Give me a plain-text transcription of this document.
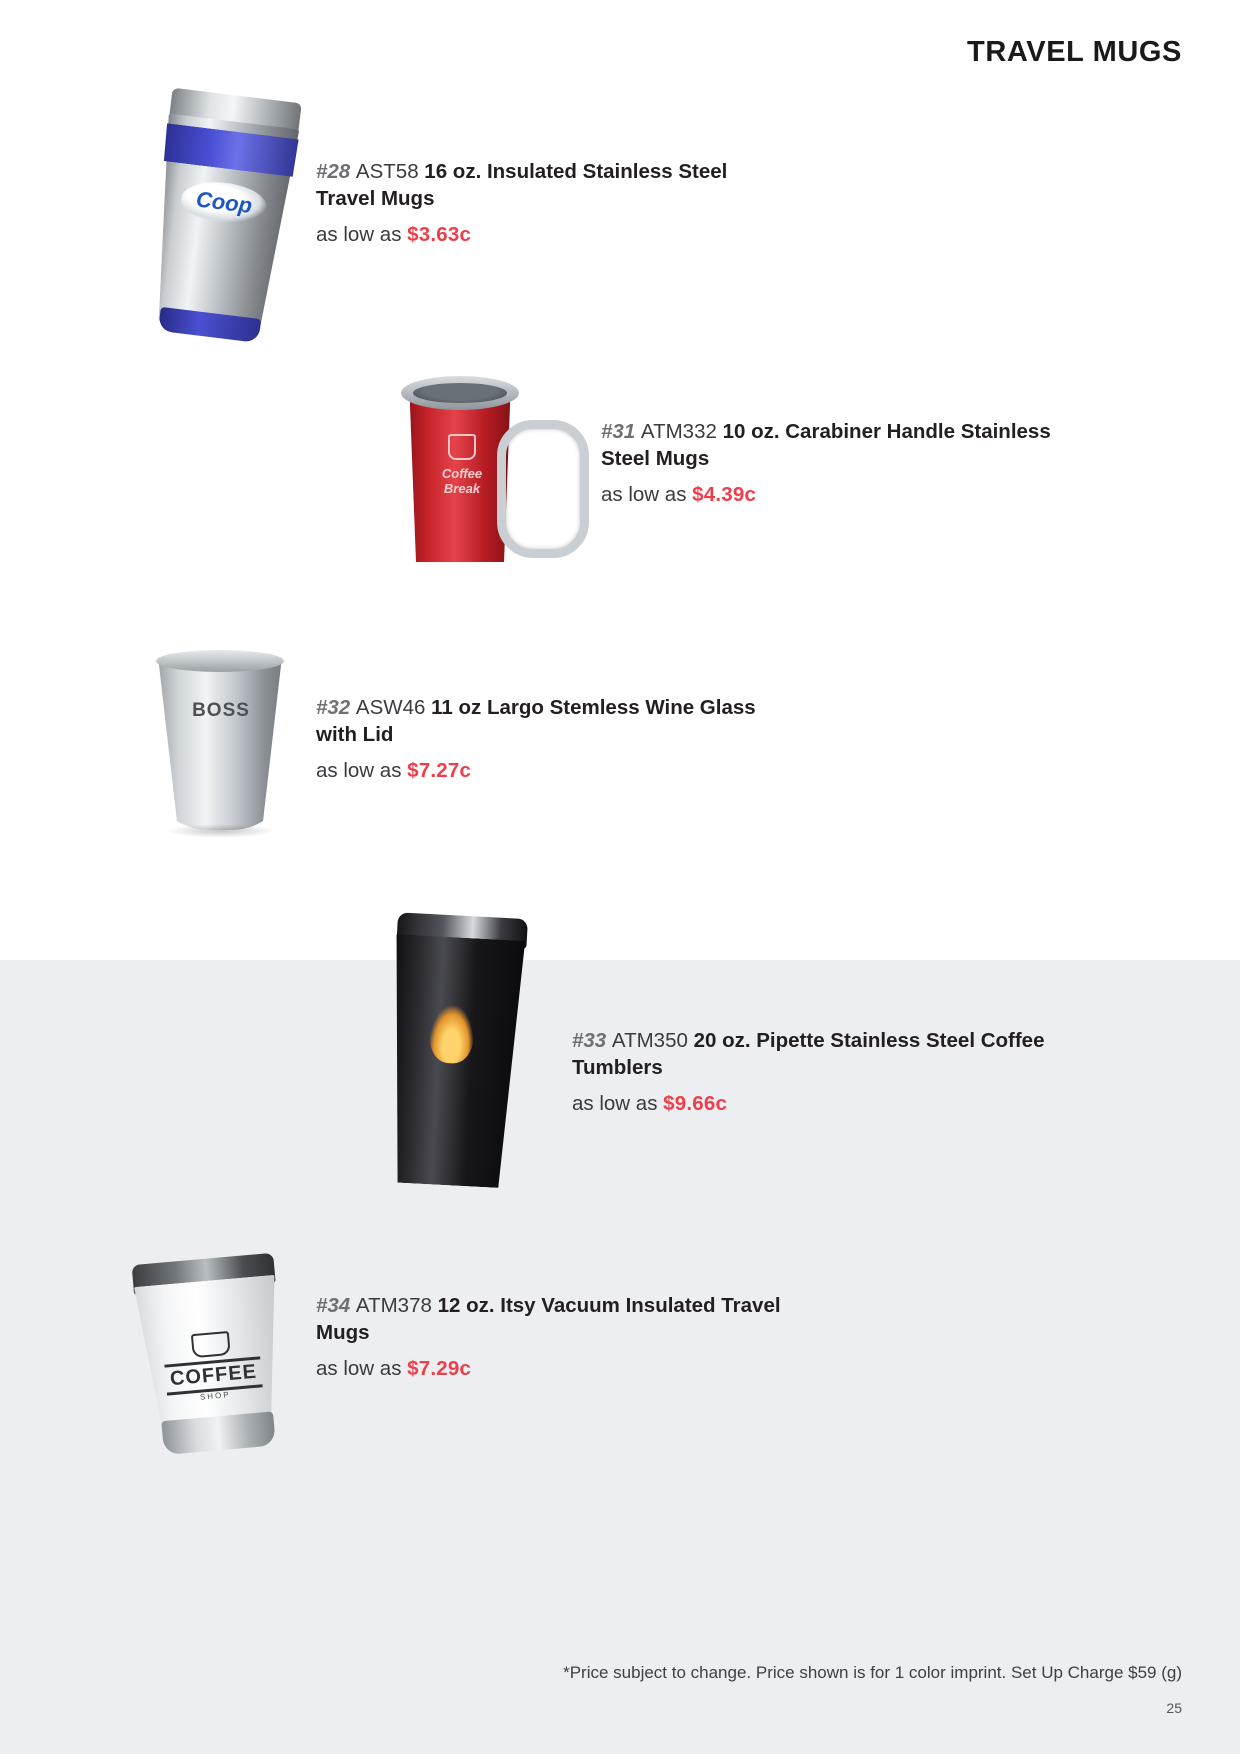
TRAVEL MUGS
Coop
#28 AST58 16 oz. Insulated Stainless Steel Travel Mugs
as low as $3.63c
Coffee Break
#31 ATM332 10 oz. Carabiner Handle Stainless Steel Mugs
as low as $4.39c
BOSS	#32 ASW46 11 oz Largo Stemless Wine Glass with Lid
as low as $7.27c
#33 ATM350 20 oz. Pipette Stainless Steel Coffee Tumblers
as low as $9.66c
COFFEE
SHOP
#34 ATM378 12 oz. Itsy Vacuum Insulated Travel Mugs
as low as $7.29c
*Price subject to change. Price shown is for 1 color imprint. Set Up Charge $59 (g)
25
